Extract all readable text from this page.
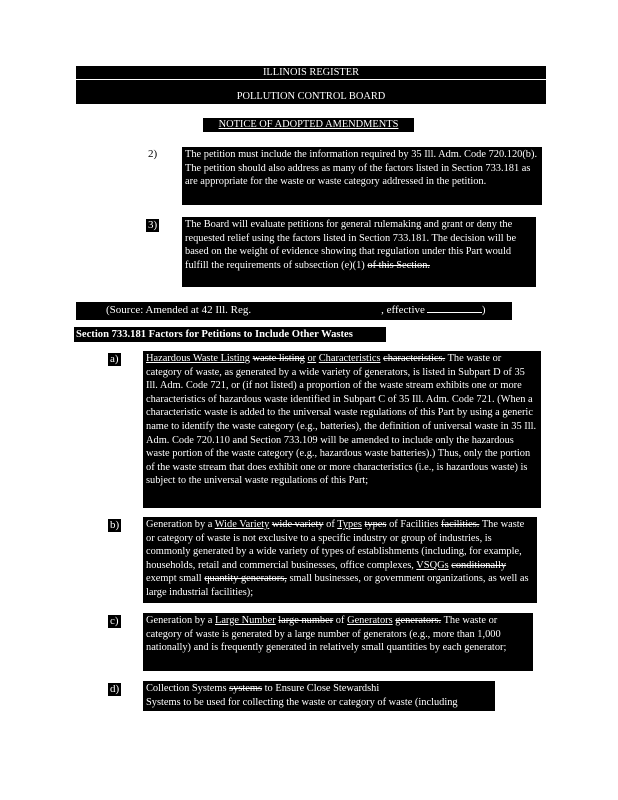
ILLINOIS REGISTER
POLLUTION CONTROL BOARD
NOTICE OF ADOPTED AMENDMENTS
2)	The petition must include the information required by 35 Ill. Adm. Code 720.120(b). The petition should also address as many of the factors listed in Section 733.181 as are appropriate for the waste or waste category addressed in the petition.
3)	The Board will evaluate petitions for general rulemaking and grant or deny the requested relief using the factors listed in Section 733.181. The decision will be based on the weight of evidence showing that regulation under this Part would fulfill the requirements of subsection (e)(1) of this Section.
(Source: Amended at 42 Ill. Reg.	, effective	)
Section 733.181 Factors for Petitions to Include Other Wastes
a)	Hazardous Waste Listing waste listing or Characteristics characteristics. The waste or category of waste, as generated by a wide variety of generators, is listed in Subpart D of 35 Ill. Adm. Code 721, or (if not listed) a proportion of the waste stream exhibits one or more characteristics of hazardous waste identified in Subpart C of 35 Ill. Adm. Code 721. (When a characteristic waste is added to the universal waste regulations of this Part by using a generic name to identify the waste category (e.g., batteries), the definition of universal waste in 35 Ill. Adm. Code 720.110 and Section 733.109 will be amended to include only the hazardous waste portion of the waste category (e.g., hazardous waste batteries).) Thus, only the portion of the waste stream that does exhibit one or more characteristics (i.e., is hazardous waste) is subject to the universal waste regulations of this Part;
b)	Generation by a Wide Variety wide variety of Types types of Facilities facilities. The waste or category of waste is not exclusive to a specific industry or group of industries, is commonly generated by a wide variety of types of establishments (including, for example, households, retail and commercial businesses, office complexes, VSQGs conditionally exempt small quantity generators, small businesses, or government organizations, as well as large industrial facilities);
c)	Generation by a Large Number large number of Generators generators. The waste or category of waste is generated by a large number of generators (e.g., more than 1,000 nationally) and is frequently generated in relatively small quantities by each generator;
d)	Collection Systems systems to Ensure Close Stewardshi
Systems to be used for collecting the waste or category of waste (including
